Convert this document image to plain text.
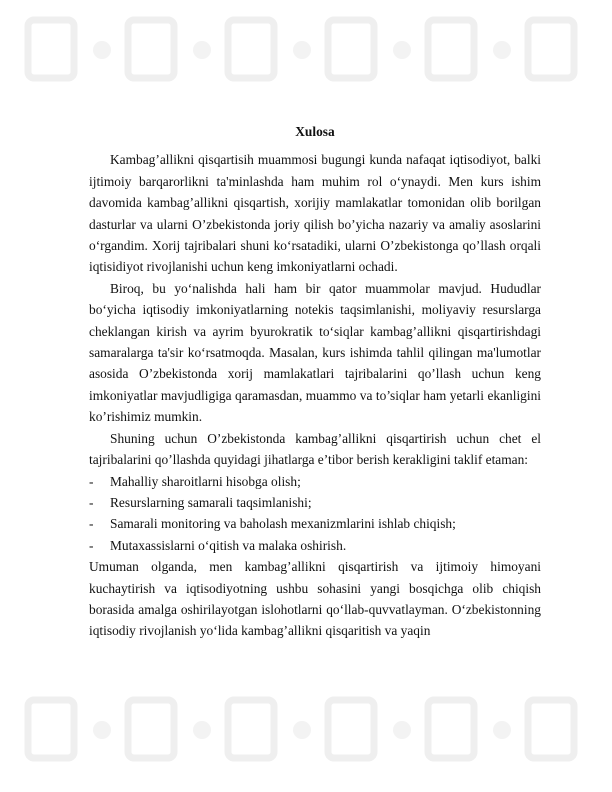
Xulosa

Kambag’allikni qisqartisih muammosi bugungi kunda nafaqat iqtisodiyot, balki ijtimoiy barqarorlikni ta'minlashda ham muhim rol o‘ynaydi. Men kurs ishim davomida kambag’allikni qisqartish, xorijiy mamlakatlar tomonidan olib borilgan dasturlar va ularni O’zbekistonda joriy qilish bo’yicha nazariy va amaliy asoslarini o‘rgandim. Xorij tajribalari shuni ko‘rsatadiki, ularni O’zbekistonga qo’llash orqali iqtisidiyot rivojlanishi uchun keng imkoniyatlarni ochadi.

Biroq, bu yo‘nalishda hali ham bir qator muammolar mavjud. Hududlar bo‘yicha iqtisodiy imkoniyatlarning notekis taqsimlanishi, moliyaviy resurslarga cheklangan kirish va ayrim byurokratik to‘siqlar kambag’allikni qisqartirishdagi samaralarga ta'sir ko‘rsatmoqda. Masalan, kurs ishimda tahlil qilingan ma'lumotlar asosida O’zbekistonda xorij mamlakatlari tajribalarini qo’llash uchun keng imkoniyatlar mavjudligiga qaramasdan, muammo va to’siqlar ham yetarli ekanligini ko’rishimiz mumkin.

Shuning uchun O’zbekistonda kambag’allikni qisqartirish uchun chet el tajribalarini qo’llashda quyidagi jihatlarga e’tibor berish kerakligini taklif etaman:

- Mahalliy sharoitlarni hisobga olish;
- Resurslarning samarali taqsimlanishi;
- Samarali monitoring va baholash mexanizmlarini ishlab chiqish;
- Mutaxassislarni o‘qitish va malaka oshirish.

Umuman olganda, men kambag’allikni qisqartirish va ijtimoiy himoyani kuchaytirish va iqtisodiyotning ushbu sohasini yangi bosqichga olib chiqish borasida amalga oshirilayotgan islohotlarni qo‘llab-quvvatlayman. O‘zbekistonning iqtisodiy rivojlanish yo‘lida kambag’allikni qisqaritish va yaqin
